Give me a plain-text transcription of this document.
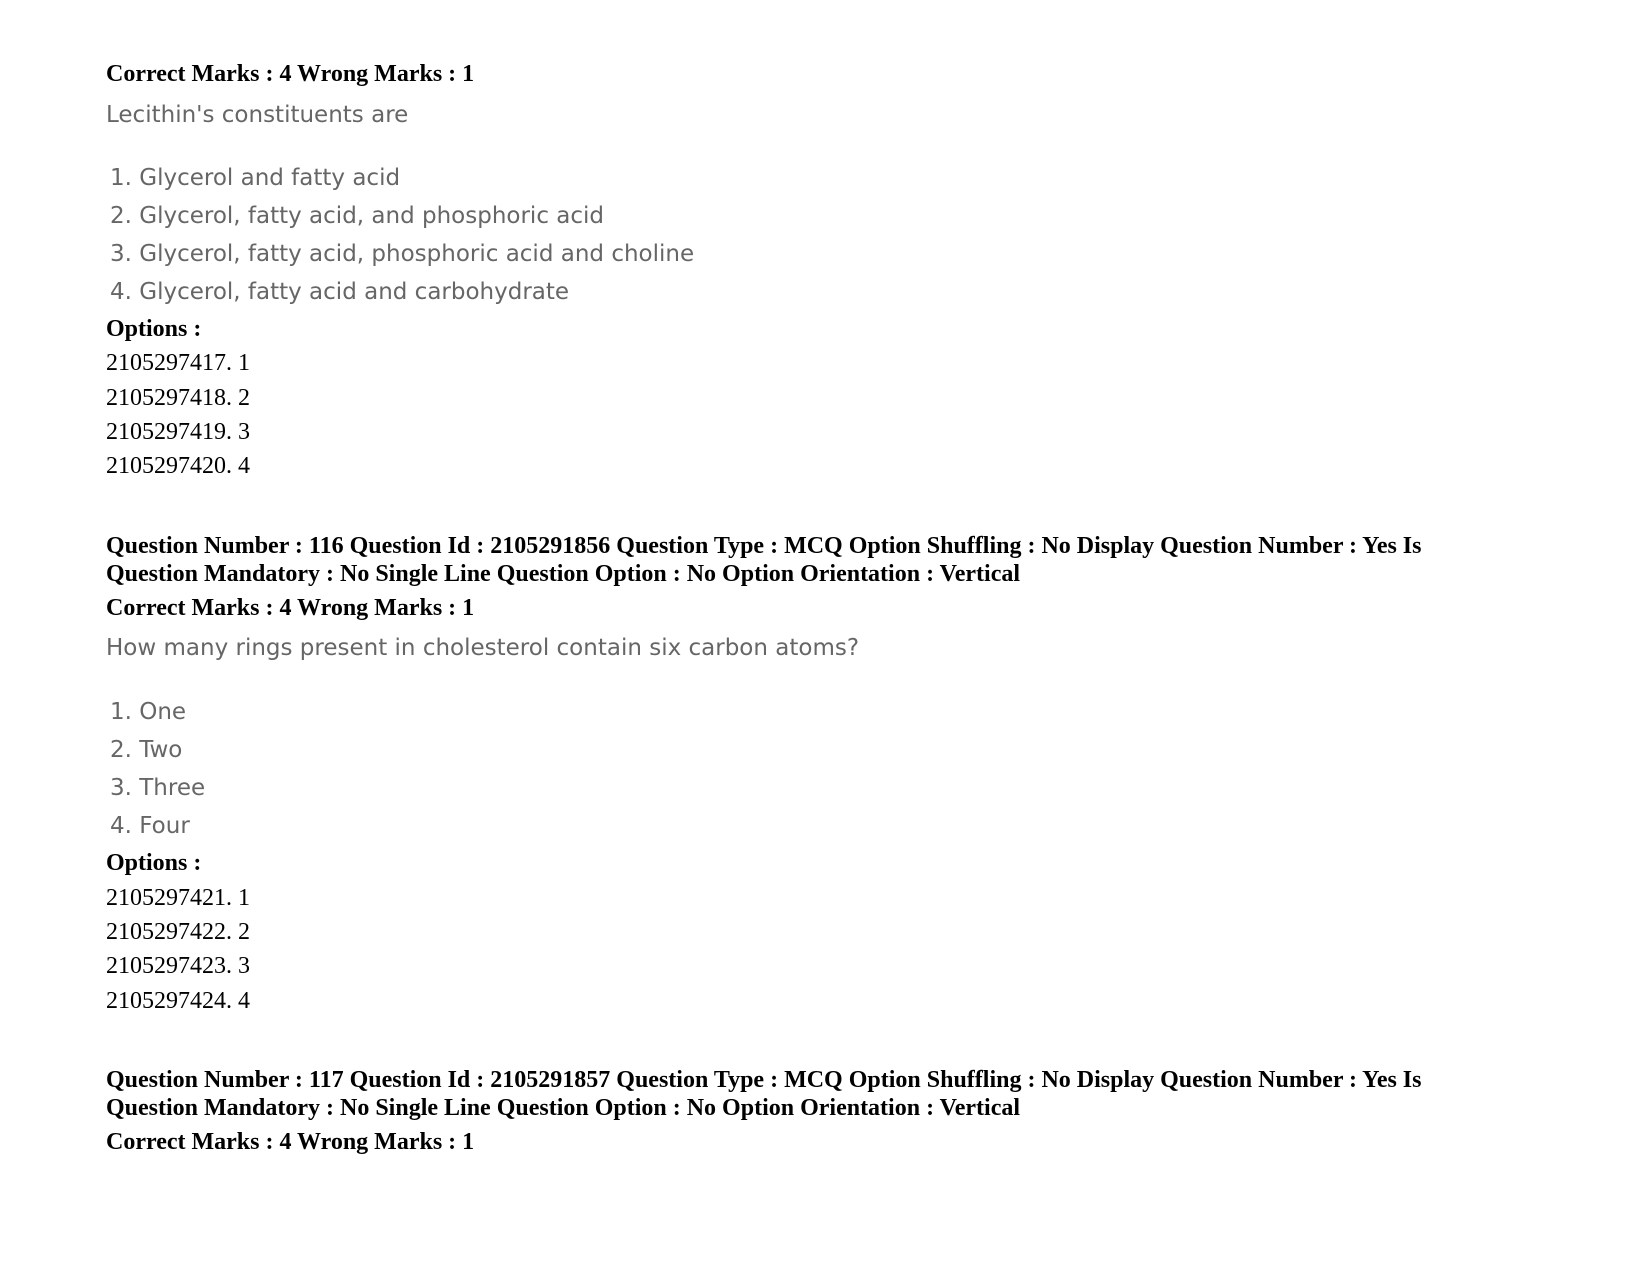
Correct Marks : 4 Wrong Marks : 1
Lecithin's constituents are
1. Glycerol and fatty acid
2. Glycerol, fatty acid, and phosphoric acid
3. Glycerol, fatty acid, phosphoric acid and choline
4. Glycerol, fatty acid and carbohydrate
Options :
2105297417. 1
2105297418. 2
2105297419. 3
2105297420. 4
Question Number : 116 Question Id : 2105291856 Question Type : MCQ Option Shuffling : No Display Question Number : Yes Is
Question Mandatory : No Single Line Question Option : No Option Orientation : Vertical
Correct Marks : 4 Wrong Marks : 1
How many rings present in cholesterol contain six carbon atoms?
1. One
2. Two
3. Three
4. Four
Options :
2105297421. 1
2105297422. 2
2105297423. 3
2105297424. 4
Question Number : 117 Question Id : 2105291857 Question Type : MCQ Option Shuffling : No Display Question Number : Yes Is
Question Mandatory : No Single Line Question Option : No Option Orientation : Vertical
Correct Marks : 4 Wrong Marks : 1
